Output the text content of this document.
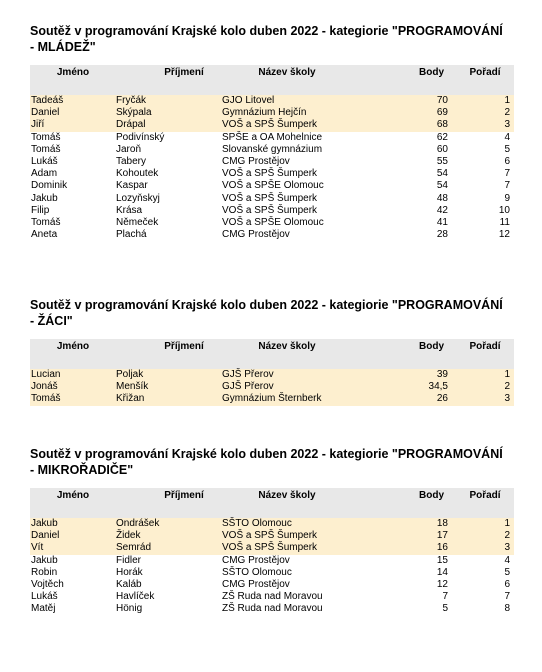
Soutěž v programování Krajské kolo duben 2022 - kategiorie "PROGRAMOVÁNÍ - MLÁDEŽ"
Jméno	Příjmení	Název školy	Body	Pořadí

Tadeáš	Fryčák	GJO Litovel	70	1
Daniel	Skýpala	Gymnázium Hejčín	69	2
Jiří	Drápal	VOŠ a SPŠ Šumperk	68	3
Tomáš	Podivínský	SPŠE a OA Mohelnice	62	4
Tomáš	Jaroň	Slovanské gymnázium	60	5
Lukáš	Tabery	CMG Prostějov	55	6
Adam	Kohoutek	VOŠ a SPŠ Šumperk	54	7
Dominik	Kaspar	VOŠ a SPŠE Olomouc	54	7
Jakub	Lozyňskyj	VOŠ a SPŠ Šumperk	48	9
Filip	Krása	VOŠ a SPŠ Šumperk	42	10
Tomáš	Němeček	VOŠ a SPŠE Olomouc	41	11
Aneta	Plachá	CMG Prostějov	28	12
Soutěž v programování Krajské kolo duben 2022 - kategiorie "PROGRAMOVÁNÍ - ŽÁCI"
Jméno	Příjmení	Název školy	Body	Pořadí

Lucian	Poljak	GJŠ Přerov	39	1
Jonáš	Menšík	GJŠ Přerov	34,5	2
Tomáš	Křižan	Gymnázium Šternberk	26	3
Soutěž v programování Krajské kolo duben 2022 - kategiorie "PROGRAMOVÁNÍ - MIKROŘADIČE"
Jméno	Příjmení	Název školy	Body	Pořadí

Jakub	Ondrášek	SŠTO Olomouc	18	1
Daniel	Židek	VOŠ a SPŠ Šumperk	17	2
Vít	Semrád	VOŠ a SPŠ Šumperk	16	3
Jakub	Fidler	CMG Prostějov	15	4
Robin	Horák	SŠTO Olomouc	14	5
Vojtěch	Kaláb	CMG Prostějov	12	6
Lukáš	Havlíček	ZŠ Ruda nad Moravou	7	7
Matěj	Hönig	ZŠ Ruda nad Moravou	5	8
